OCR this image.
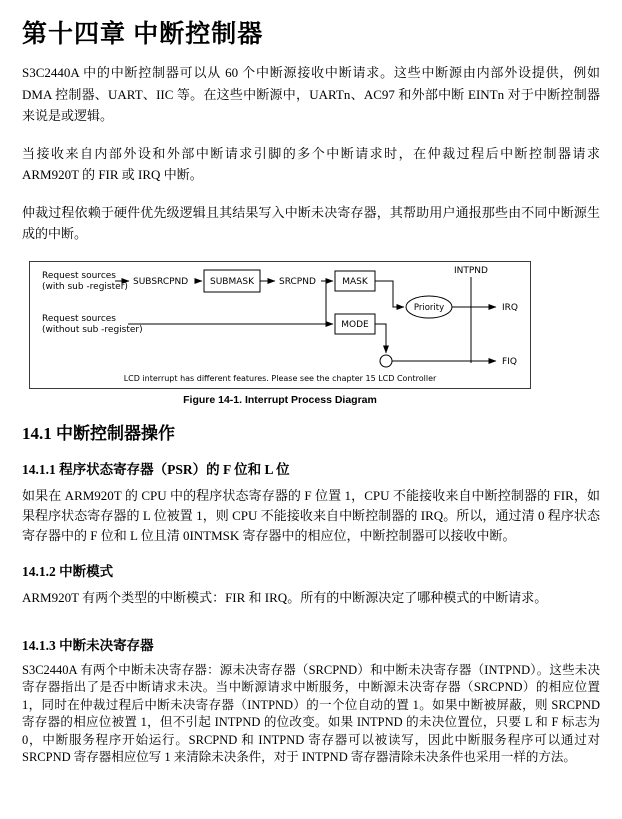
第十四章 中断控制器

S3C2440A 中的中断控制器可以从 60 个中断源接收中断请求。这些中断源由内部外设提供，例如 DMA 控制器、UART、IIC 等。在这些中断源中，UARTn、AC97 和外部中断 EINTn 对于中断控制器来说是或逻辑。

当接收来自内部外设和外部中断请求引脚的多个中断请求时，在仲裁过程后中断控制器请求 ARM920T 的 FIR 或 IRQ 中断。

仲裁过程依赖于硬件优先级逻辑且其结果写入中断未决寄存器，其帮助用户通报那些由不同中断源生成的中断。

Request sources
(with sub -register) SUBSRCPND SUBMASK	SRCPND
Request sources
(without sub -register)
MASK
MODE
Priority
INTPND
IRQ
FIQ
LCD interrupt has different features. Please see the chapter 15 LCD Controller
Figure 14-1. Interrupt Process Diagram
14.1 中断控制器操作
14.1.1 程序状态寄存器（PSR）的 F 位和 L 位

如果在 ARM920T 的 CPU 中的程序状态寄存器的 F 位置 1，CPU 不能接收来自中断控制器的 FIR，如果程序状态寄存器的 L 位被置 1，则 CPU 不能接收来自中断控制器的 IRQ。所以，通过清 0 程序状态寄存器中的 F 位和 L 位且清 0INTMSK 寄存器中的相应位，中断控制器可以接收中断。

14.1.2 中断模式

ARM920T 有两个类型的中断模式：FIR 和 IRQ。所有的中断源决定了哪种模式的中断请求。

14.1.3 中断未决寄存器

S3C2440A 有两个中断未决寄存器：源未决寄存器（SRCPND）和中断未决寄存器（INTPND）。这些未决寄存器指出了是否中断请求未决。当中断源请求中断服务，中断源未决寄存器（SRCPND）的相应位置 1，同时在仲裁过程后中断未决寄存器（INTPND）的一个位自动的置 1。如果中断被屏蔽，则 SRCPND 寄存器的相应位被置 1，但不引起 INTPND 的位改变。如果 INTPND 的未决位置位，只要 L 和 F 标志为 0，中断服务程序开始运行。SRCPND 和 INTPND 寄存器可以被读写，因此中断服务程序可以通过对 SRCPND 寄存器相应位写 1 来清除未决条件，对于 INTPND 寄存器清除未决条件也采用一样的方法。
